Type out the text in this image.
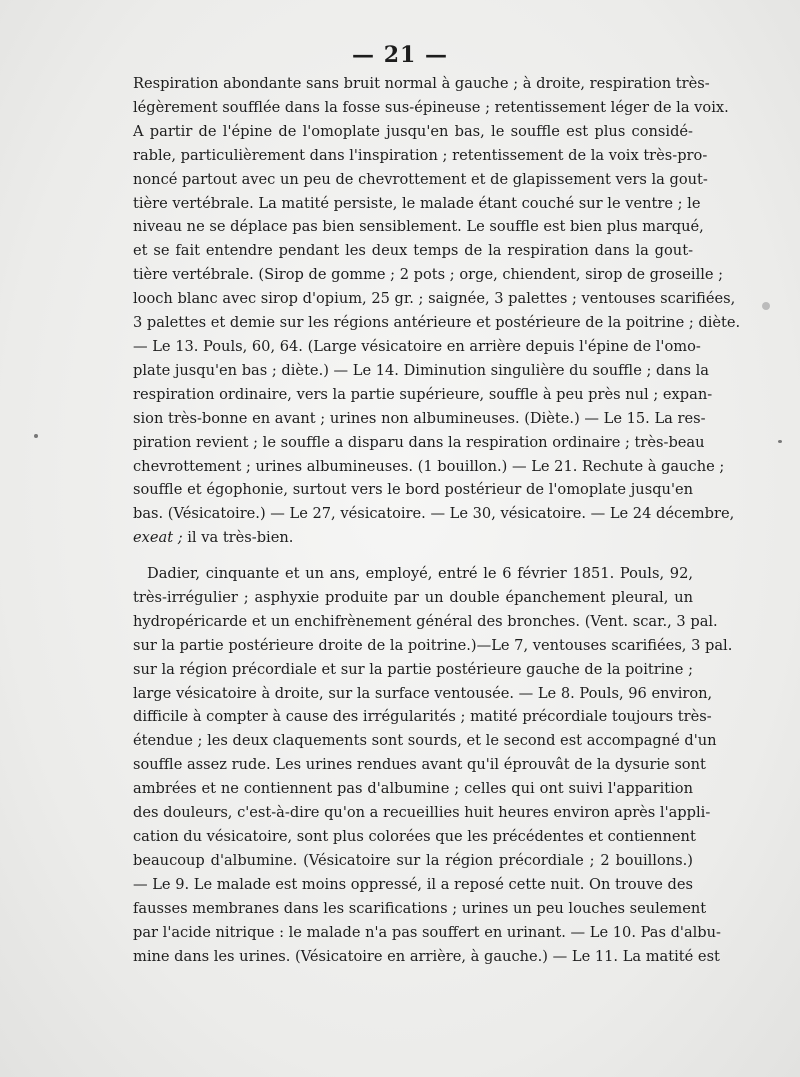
— 21 —
Respiration abondante sans bruit normal à gauche ; à droite, respiration très-
légèrement soufflée dans la fosse sus-épineuse ; retentissement léger de la voix.
A partir de l'épine de l'omoplate jusqu'en bas, le souffle est plus considé-
rable, particulièrement dans l'inspiration ; retentissement de la voix très-pro-
noncé partout avec un peu de chevrottement et de glapissement vers la gout-
tière vertébrale. La matité persiste, le malade étant couché sur le ventre ; le
niveau ne se déplace pas bien sensiblement. Le souffle est bien plus marqué,
et se fait entendre pendant les deux temps de la respiration dans la gout-
tière vertébrale. (Sirop de gomme ; 2 pots ; orge, chiendent, sirop de groseille ;
looch blanc avec sirop d'opium, 25 gr. ; saignée, 3 palettes ; ventouses scarifiées,
3 palettes et demie sur les régions antérieure et postérieure de la poitrine ; diète.
— Le 13. Pouls, 60, 64. (Large vésicatoire en arrière depuis l'épine de l'omo-
plate jusqu'en bas ; diète.) — Le 14. Diminution singulière du souffle ; dans la
respiration ordinaire, vers la partie supérieure, souffle à peu près nul ; expan-
sion très-bonne en avant ; urines non albumineuses. (Diète.) — Le 15. La res-
piration revient ; le souffle a disparu dans la respiration ordinaire ; très-beau
chevrottement ; urines albumineuses. (1 bouillon.) — Le 21. Rechute à gauche ;
souffle et égophonie, surtout vers le bord postérieur de l'omoplate jusqu'en
bas. (Vésicatoire.) — Le 27, vésicatoire. — Le 30, vésicatoire. — Le 24 décembre,
exeat ; il va très-bien.
Dadier, cinquante et un ans, employé, entré le 6 février 1851. Pouls, 92,
très-irrégulier ; asphyxie produite par un double épanchement pleural, un
hydropéricarde et un enchifrènement général des bronches. (Vent. scar., 3 pal.
sur la partie postérieure droite de la poitrine.)—Le 7, ventouses scarifiées, 3 pal.
sur la région précordiale et sur la partie postérieure gauche de la poitrine ;
large vésicatoire à droite, sur la surface ventousée. — Le 8. Pouls, 96 environ,
difficile à compter à cause des irrégularités ; matité précordiale toujours très-
étendue ; les deux claquements sont sourds, et le second est accompagné d'un
souffle assez rude. Les urines rendues avant qu'il éprouvât de la dysurie sont
ambrées et ne contiennent pas d'albumine ; celles qui ont suivi l'apparition
des douleurs, c'est-à-dire qu'on a recueillies huit heures environ après l'appli-
cation du vésicatoire, sont plus colorées que les précédentes et contiennent
beaucoup d'albumine. (Vésicatoire sur la région précordiale ; 2 bouillons.)
— Le 9. Le malade est moins oppressé, il a reposé cette nuit. On trouve des
fausses membranes dans les scarifications ; urines un peu louches seulement
par l'acide nitrique : le malade n'a pas souffert en urinant. — Le 10. Pas d'albu-
mine dans les urines. (Vésicatoire en arrière, à gauche.) — Le 11. La matité est
